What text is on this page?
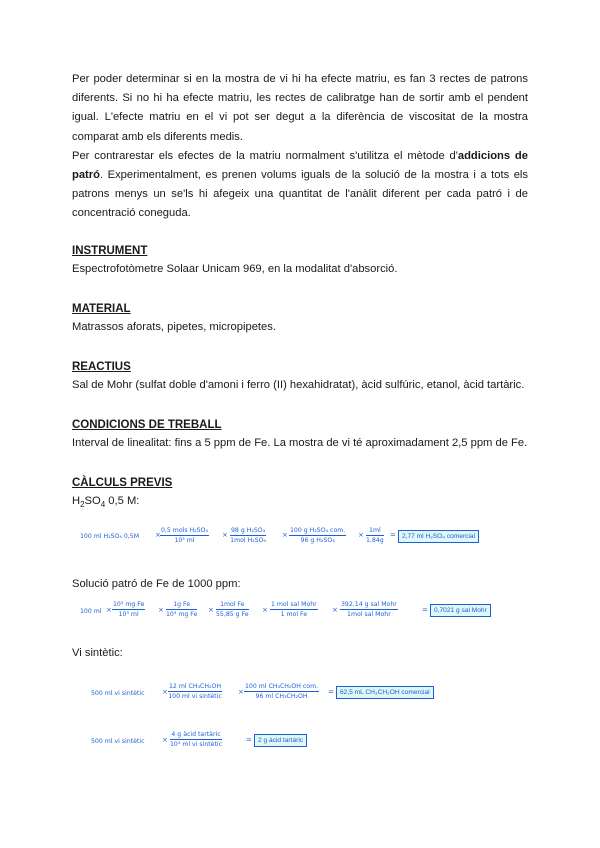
Per poder determinar si en la mostra de vi hi ha efecte matriu, es fan 3 rectes de patrons diferents. Si no hi ha efecte matriu, les rectes de calibratge han de sortir amb el pendent igual. L'efecte matriu en el vi pot ser degut a la diferència de viscositat de la mostra comparat amb els diferents medis.

Per contrarestar els efectes de la matriu normalment s'utilitza el mètode d'addicions de patró. Experimentalment, es prenen volums iguals de la solució de la mostra i a tots els patrons menys un se'ls hi afegeix una quantitat de l'anàlit diferent per cada patró i de concentració coneguda.

INSTRUMENT

Espectrofotòmetre Solaar Unicam 969, en la modalitat d'absorció.

MATERIAL

Matrassos aforats, pipetes, micropipetes.

REACTIUS

Sal de Mohr (sulfat doble d'amoni i ferro (II) hexahidratat), àcid sulfúric, etanol, àcid tartàric.

CONDICIONS DE TREBALL

Interval de linealitat: fins a 5 ppm de Fe. La mostra de vi té aproximadament 2,5 ppm de Fe.

CÀLCULS PREVIS

$H_2SO_4$ 0,5 M:

100 ml H₂SO₄ 0,5M ×
0,5 mols H₂SO₄
10³ ml
×
98 g H₂SO₄
1mol H₂SO₄
×
100 g H₂SO₄ com.
96 g H₂SO₄
× $\frac{1ml}{1,84g} = 2,77$ ml H₂SO₄ comercial

Solució patró de Fe de 1000 ppm:

100 ml × $\frac{\text{10³ mg Fe}}{\text{10³ ml}} \times \frac{\text{1g Fe}}{\text{10³ mg Fe}}$ ×
1mol Fe
55,85 g Fe
×
1 mol sal Mohr
1 mol Fe
×
392,14 g sal Mohr
1mol sal Mohr
= 0,7021 g sal Mohr

Vi sintètic:

500 ml vi sintètic	×
12 ml CH₃CH₂OH
100 ml vi sintètic
×
100 ml CH₃CH₂OH com.
96 ml CH₃CH₂OH
= 62,5 mL CH₃CH₂OH comercial
500 ml vi sintètic	×
4 g àcid tartàric
10³ ml vi sintètic
= 2 g àcid tartàric
